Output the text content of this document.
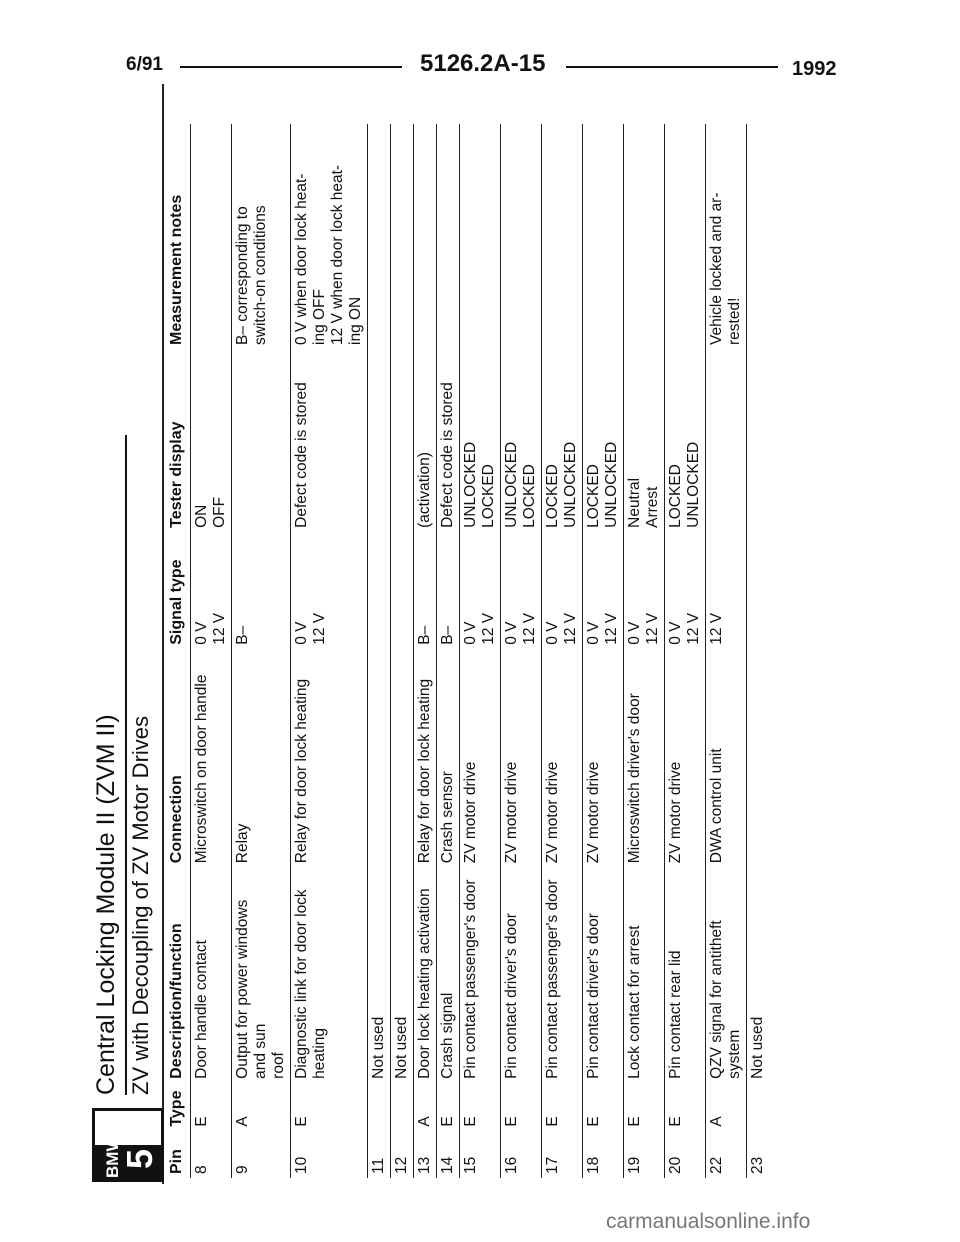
6/91	5126.2A-15	1992
BMW
5
Central Locking Module II (ZVM II) ZV with Decoupling of ZV Motor Drives
Pin	Type	Description/function	Connection	Signal type	Tester display	Measurement notes
8	E	Door handle contact	Microswitch on door handle	0 V 12 V	ON OFF	

9	A	Output for power windows and sun roof	Relay	B–		B– corresponding to switch-on conditions

10	E	Diagnostic link for door lock heating	Relay for door lock heating	0 V 12 V	Defect code is stored	0 V when door lock heat- ing OFF 12 V when door lock heat- ing ON

11		Not used				

12		Not used				

13	A	Door lock heating activation	Relay for door lock heating	B–	(activation)	

14	E	Crash signal	Crash sensor	B–	Defect code is stored	

15	E	Pin contact passenger's door	ZV motor drive	0 V 12 V	UNLOCKED LOCKED	

16	E	Pin contact driver's door	ZV motor drive	0 V 12 V	UNLOCKED LOCKED	

17	E	Pin contact passenger's door	ZV motor drive	0 V 12 V	LOCKED UNLOCKED	

18	E	Pin contact driver's door	ZV motor drive	0 V 12 V	LOCKED UNLOCKED	

19	E	Lock contact for arrest	Microswitch driver's door	0 V 12 V	Neutral Arrest	

20	E	Pin contact rear lid	ZV motor drive	0 V 12 V	LOCKED UNLOCKED	

22	A	QZV signal for antitheft system	DWA control unit	12 V		Vehicle locked and ar- rested!

23		Not used				

carmanualsonline.info
